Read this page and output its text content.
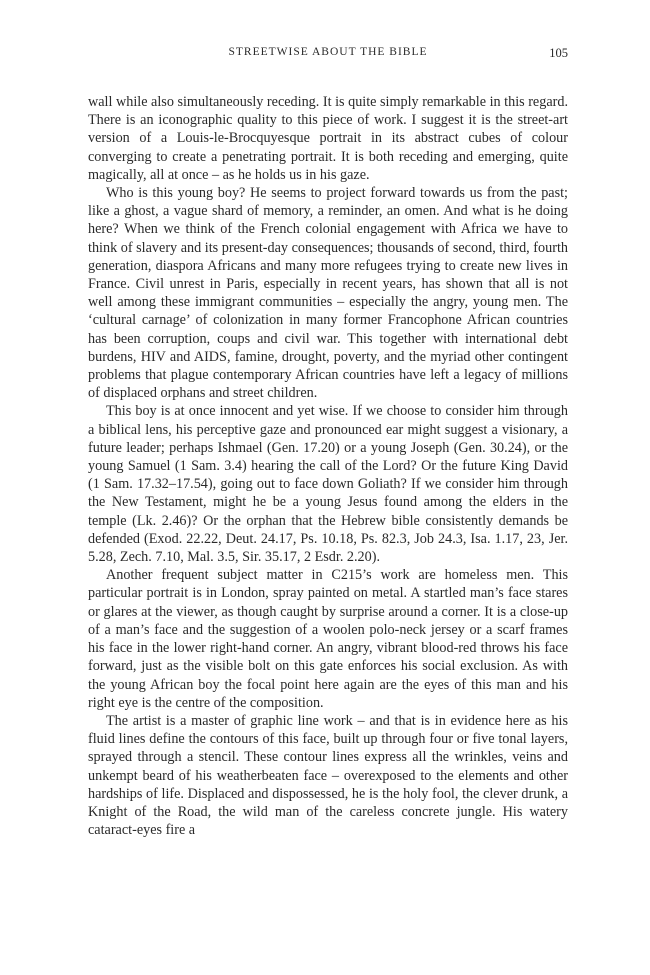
STREETWISE ABOUT THE BIBLE	105

wall while also simultaneously receding. It is quite simply remarkable in this regard. There is an iconographic quality to this piece of work. I suggest it is the street-art version of a Louis-le-Brocquyesque portrait in its abstract cubes of colour converging to create a penetrating portrait. It is both receding and emerging, quite magically, all at once – as he holds us in his gaze.

Who is this young boy? He seems to project forward towards us from the past; like a ghost, a vague shard of memory, a reminder, an omen. And what is he doing here? When we think of the French colonial engagement with Africa we have to think of slavery and its present-day consequences; thousands of second, third, fourth generation, diaspora Africans and many more refugees trying to create new lives in France. Civil unrest in Paris, especially in recent years, has shown that all is not well among these immigrant communities – especially the angry, young men. The ‘cultural carnage’ of colonization in many former Francophone African countries has been corruption, coups and civil war. This together with international debt burdens, HIV and AIDS, famine, drought, poverty, and the myriad other contingent problems that plague contemporary African countries have left a legacy of millions of displaced orphans and street children.

This boy is at once innocent and yet wise. If we choose to consider him through a biblical lens, his perceptive gaze and pronounced ear might suggest a visionary, a future leader; perhaps Ishmael (Gen. 17.20) or a young Joseph (Gen. 30.24), or the young Samuel (1 Sam. 3.4) hearing the call of the Lord? Or the future King David (1 Sam. 17.32–17.54), going out to face down Goliath? If we consider him through the New Testament, might he be a young Jesus found among the elders in the temple (Lk. 2.46)? Or the orphan that the Hebrew bible consistently demands be defended (Exod. 22.22, Deut. 24.17, Ps. 10.18, Ps. 82.3, Job 24.3, Isa. 1.17, 23, Jer. 5.28, Zech. 7.10, Mal. 3.5, Sir. 35.17, 2 Esdr. 2.20).

Another frequent subject matter in C215’s work are homeless men. This particular portrait is in London, spray painted on metal. A startled man’s face stares or glares at the viewer, as though caught by surprise around a corner. It is a close-up of a man’s face and the suggestion of a woolen polo-neck jersey or a scarf frames his face in the lower right-hand corner. An angry, vibrant blood-red throws his face forward, just as the visible bolt on this gate enforces his social exclusion. As with the young African boy the focal point here again are the eyes of this man and his right eye is the centre of the composition.

The artist is a master of graphic line work – and that is in evidence here as his fluid lines define the contours of this face, built up through four or five tonal layers, sprayed through a stencil. These contour lines express all the wrinkles, veins and unkempt beard of his weatherbeaten face – overexposed to the elements and other hardships of life. Displaced and dispossessed, he is the holy fool, the clever drunk, a Knight of the Road, the wild man of the careless concrete jungle. His watery cataract-eyes fire a
